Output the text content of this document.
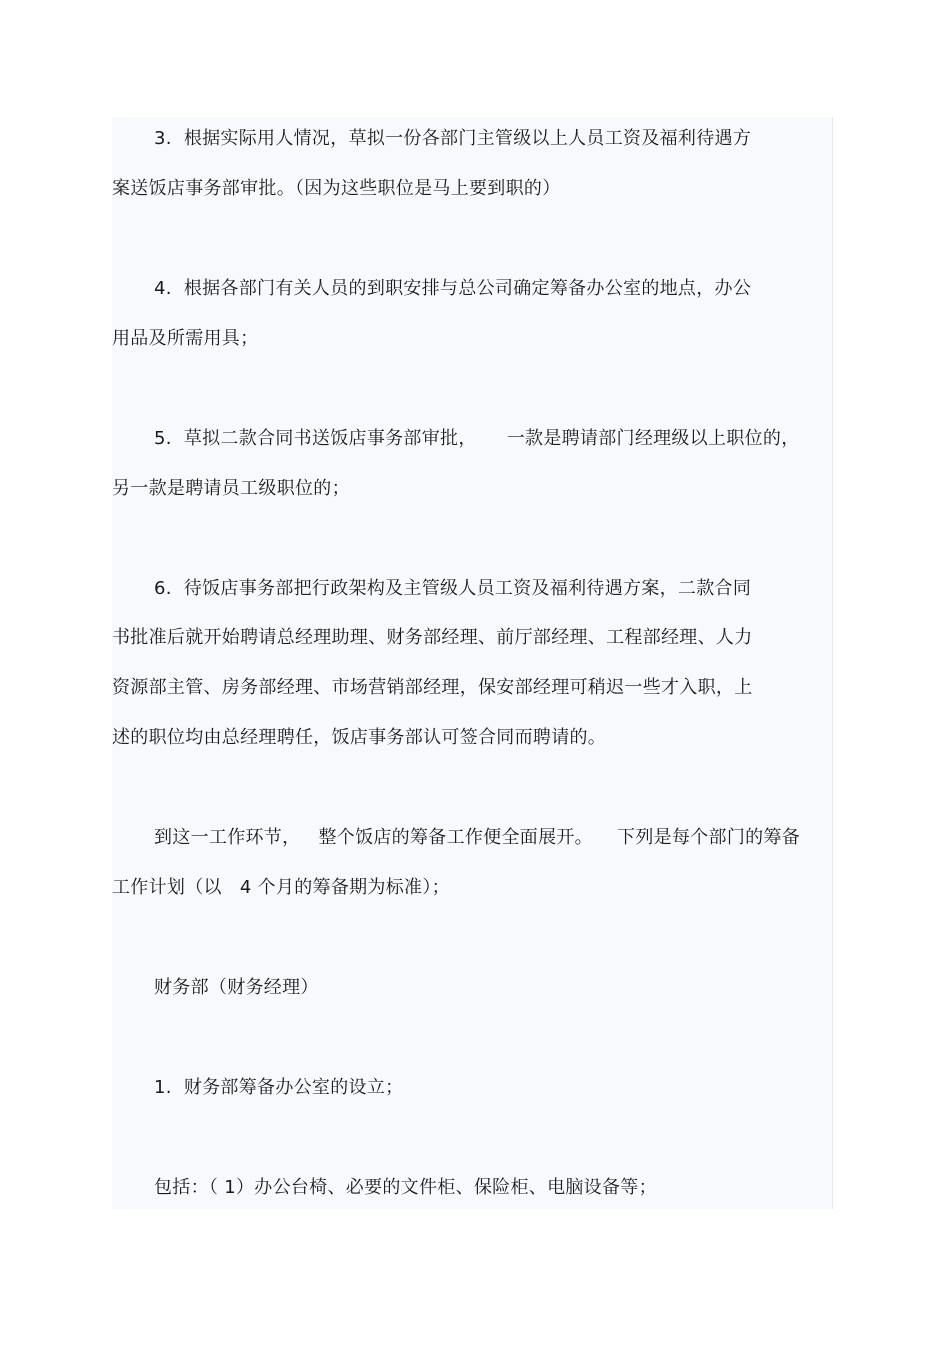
3.  根据实际用人情况，草拟一份各部门主管级以上人员工资及福利待遇方
案送饭店事务部审批。（因为这些职位是马上要到职的）
4.  根据各部门有关人员的到职安排与总公司确定筹备办公室的地点，办公
用品及所需用具；
5.  草拟二款合同书送饭店事务部审批，     一款是聘请部门经理级以上职位的，
另一款是聘请员工级职位的；
6.  待饭店事务部把行政架构及主管级人员工资及福利待遇方案，二款合同
书批准后就开始聘请总经理助理、财务部经理、前厅部经理、工程部经理、人力
资源部主管、房务部经理、市场营销部经理，保安部经理可稍迟一些才入职，上
述的职位均由总经理聘任，饭店事务部认可签合同而聘请的。
到这一工作环节，   整个饭店的筹备工作便全面展开。    下列是每个部门的筹备
工作计划（以   4 个月的筹备期为标准）；
财务部（财务经理）
1.  财务部筹备办公室的设立；
包括：（ 1）办公台椅、必要的文件柜、保险柜、电脑设备等；
